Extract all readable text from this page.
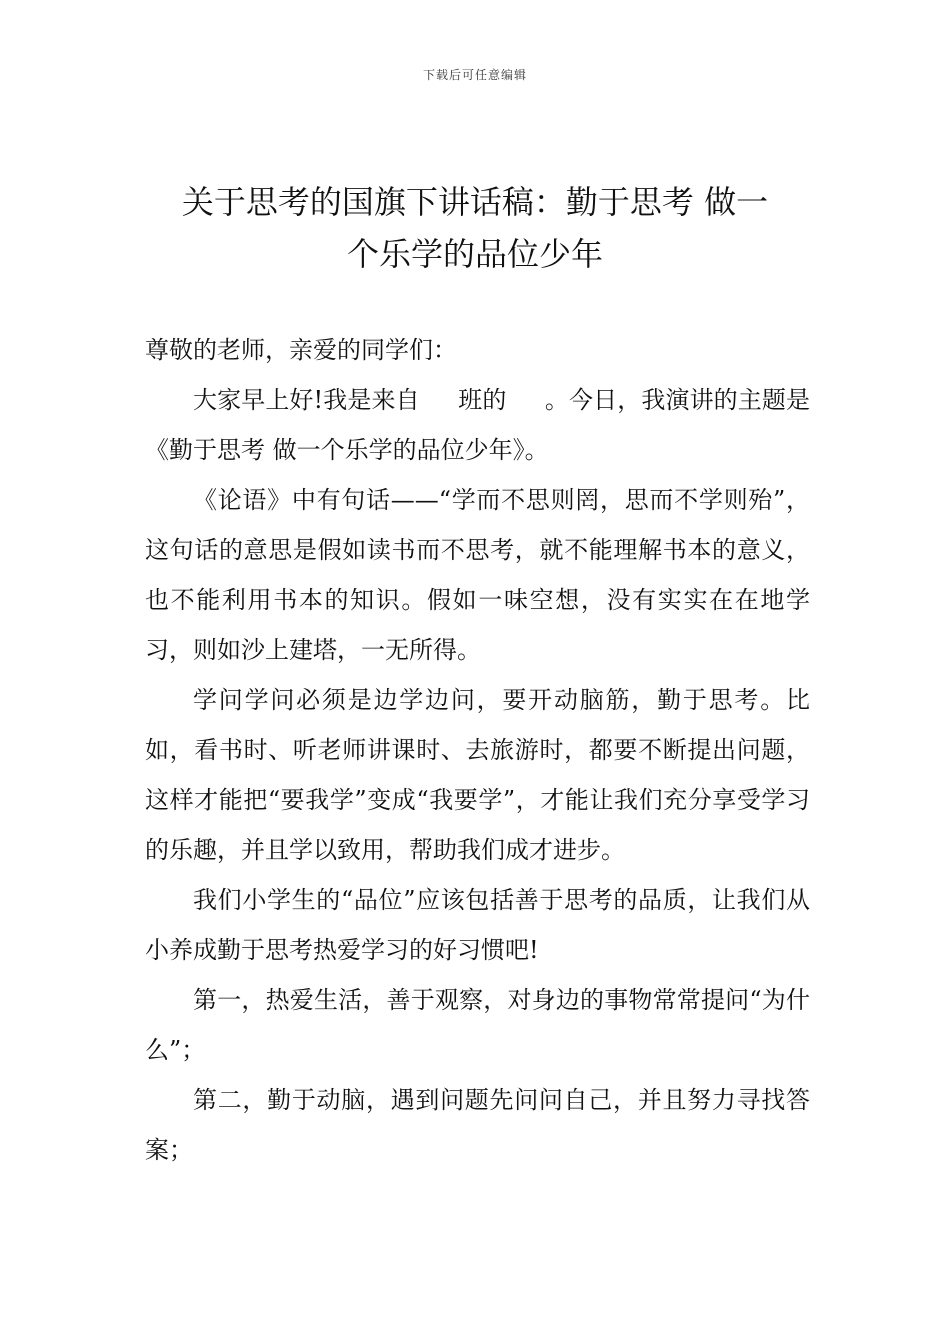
下载后可任意编辑
关于思考的国旗下讲话稿：勤于思考 做一
个乐学的品位少年

尊敬的老师，亲爱的同学们：

大家早上好!我是来自 班的 。今日，我演讲的主题是《勤于思考 做一个乐学的品位少年》。

《论语》中有句话——“学而不思则罔，思而不学则殆”，这句话的意思是假如读书而不思考，就不能理解书本的意义，也不能利用书本的知识。假如一味空想，没有实实在在地学习，则如沙上建塔，一无所得。

学问学问必须是边学边问，要开动脑筋，勤于思考。比如，看书时、听老师讲课时、去旅游时，都要不断提出问题，这样才能把“要我学”变成“我要学”，才能让我们充分享受学习的乐趣，并且学以致用，帮助我们成才进步。

我们小学生的“品位”应该包括善于思考的品质，让我们从小养成勤于思考热爱学习的好习惯吧!

第一，热爱生活，善于观察，对身边的事物常常提问“为什么”；

第二，勤于动脑，遇到问题先问问自己，并且努力寻找答案；
